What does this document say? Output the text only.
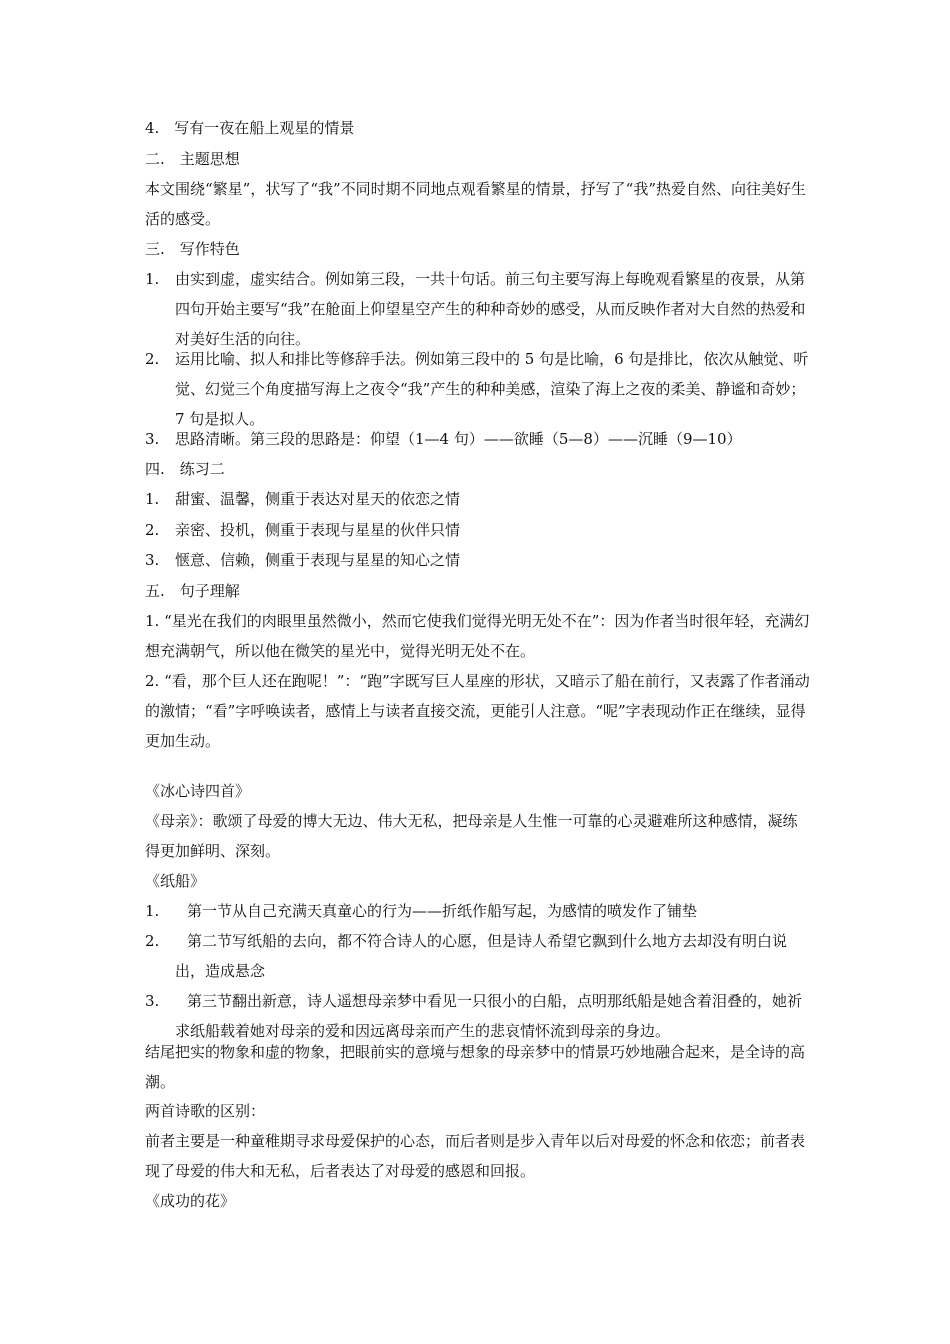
4.　写有一夜在船上观星的情景
二.　主题思想
本文围绕“繁星”，状写了“我”不同时期不同地点观看繁星的情景，抒写了“我”热爱自然、向往美好生活的感受。
三.　写作特色
1. 由实到虚，虚实结合。例如第三段，一共十句话。前三句主要写海上每晚观看繁星的夜景，从第四句开始主要写“我”在舱面上仰望星空产生的种种奇妙的感受，从而反映作者对大自然的热爱和对美好生活的向往。
2. 运用比喻、拟人和排比等修辞手法。例如第三段中的 5 句是比喻，6 句是排比，依次从触觉、听觉、幻觉三个角度描写海上之夜令“我”产生的种种美感，渲染了海上之夜的柔美、静谧和奇妙；7 句是拟人。
3. 思路清晰。第三段的思路是：仰望（1—4 句）——欲睡（5—8）——沉睡（9—10）
四.　练习二
1. 甜蜜、温馨，侧重于表达对星天的依恋之情
2. 亲密、投机，侧重于表现与星星的伙伴只情
3. 惬意、信赖，侧重于表现与星星的知心之情
五.　句子理解
1. “星光在我们的肉眼里虽然微小，然而它使我们觉得光明无处不在”：因为作者当时很年轻，充满幻想充满朝气，所以他在微笑的星光中，觉得光明无处不在。
2. “看，那个巨人还在跑呢！”：“跑”字既写巨人星座的形状，又暗示了船在前行，又表露了作者涌动的激情；“看”字呼唤读者，感情上与读者直接交流，更能引人注意。“呢”字表现动作正在继续，显得更加生动。
《冰心诗四首》
《母亲》：歌颂了母爱的博大无边、伟大无私，把母亲是人生惟一可靠的心灵避难所这种感情，凝练得更加鲜明、深刻。
《纸船》
1.	第一节从自己充满天真童心的行为——折纸作船写起，为感情的喷发作了铺垫
2.	第二节写纸船的去向，都不符合诗人的心愿，但是诗人希望它飘到什么地方去却没有明白说出，造成悬念
3.	第三节翻出新意，诗人遥想母亲梦中看见一只很小的白船，点明那纸船是她含着泪叠的，她祈求纸船载着她对母亲的爱和因远离母亲而产生的悲哀情怀流到母亲的身边。
结尾把实的物象和虚的物象，把眼前实的意境与想象的母亲梦中的情景巧妙地融合起来，是全诗的高潮。
两首诗歌的区别：
前者主要是一种童稚期寻求母爱保护的心态，而后者则是步入青年以后对母爱的怀念和依恋；前者表现了母爱的伟大和无私，后者表达了对母爱的感恩和回报。
《成功的花》
